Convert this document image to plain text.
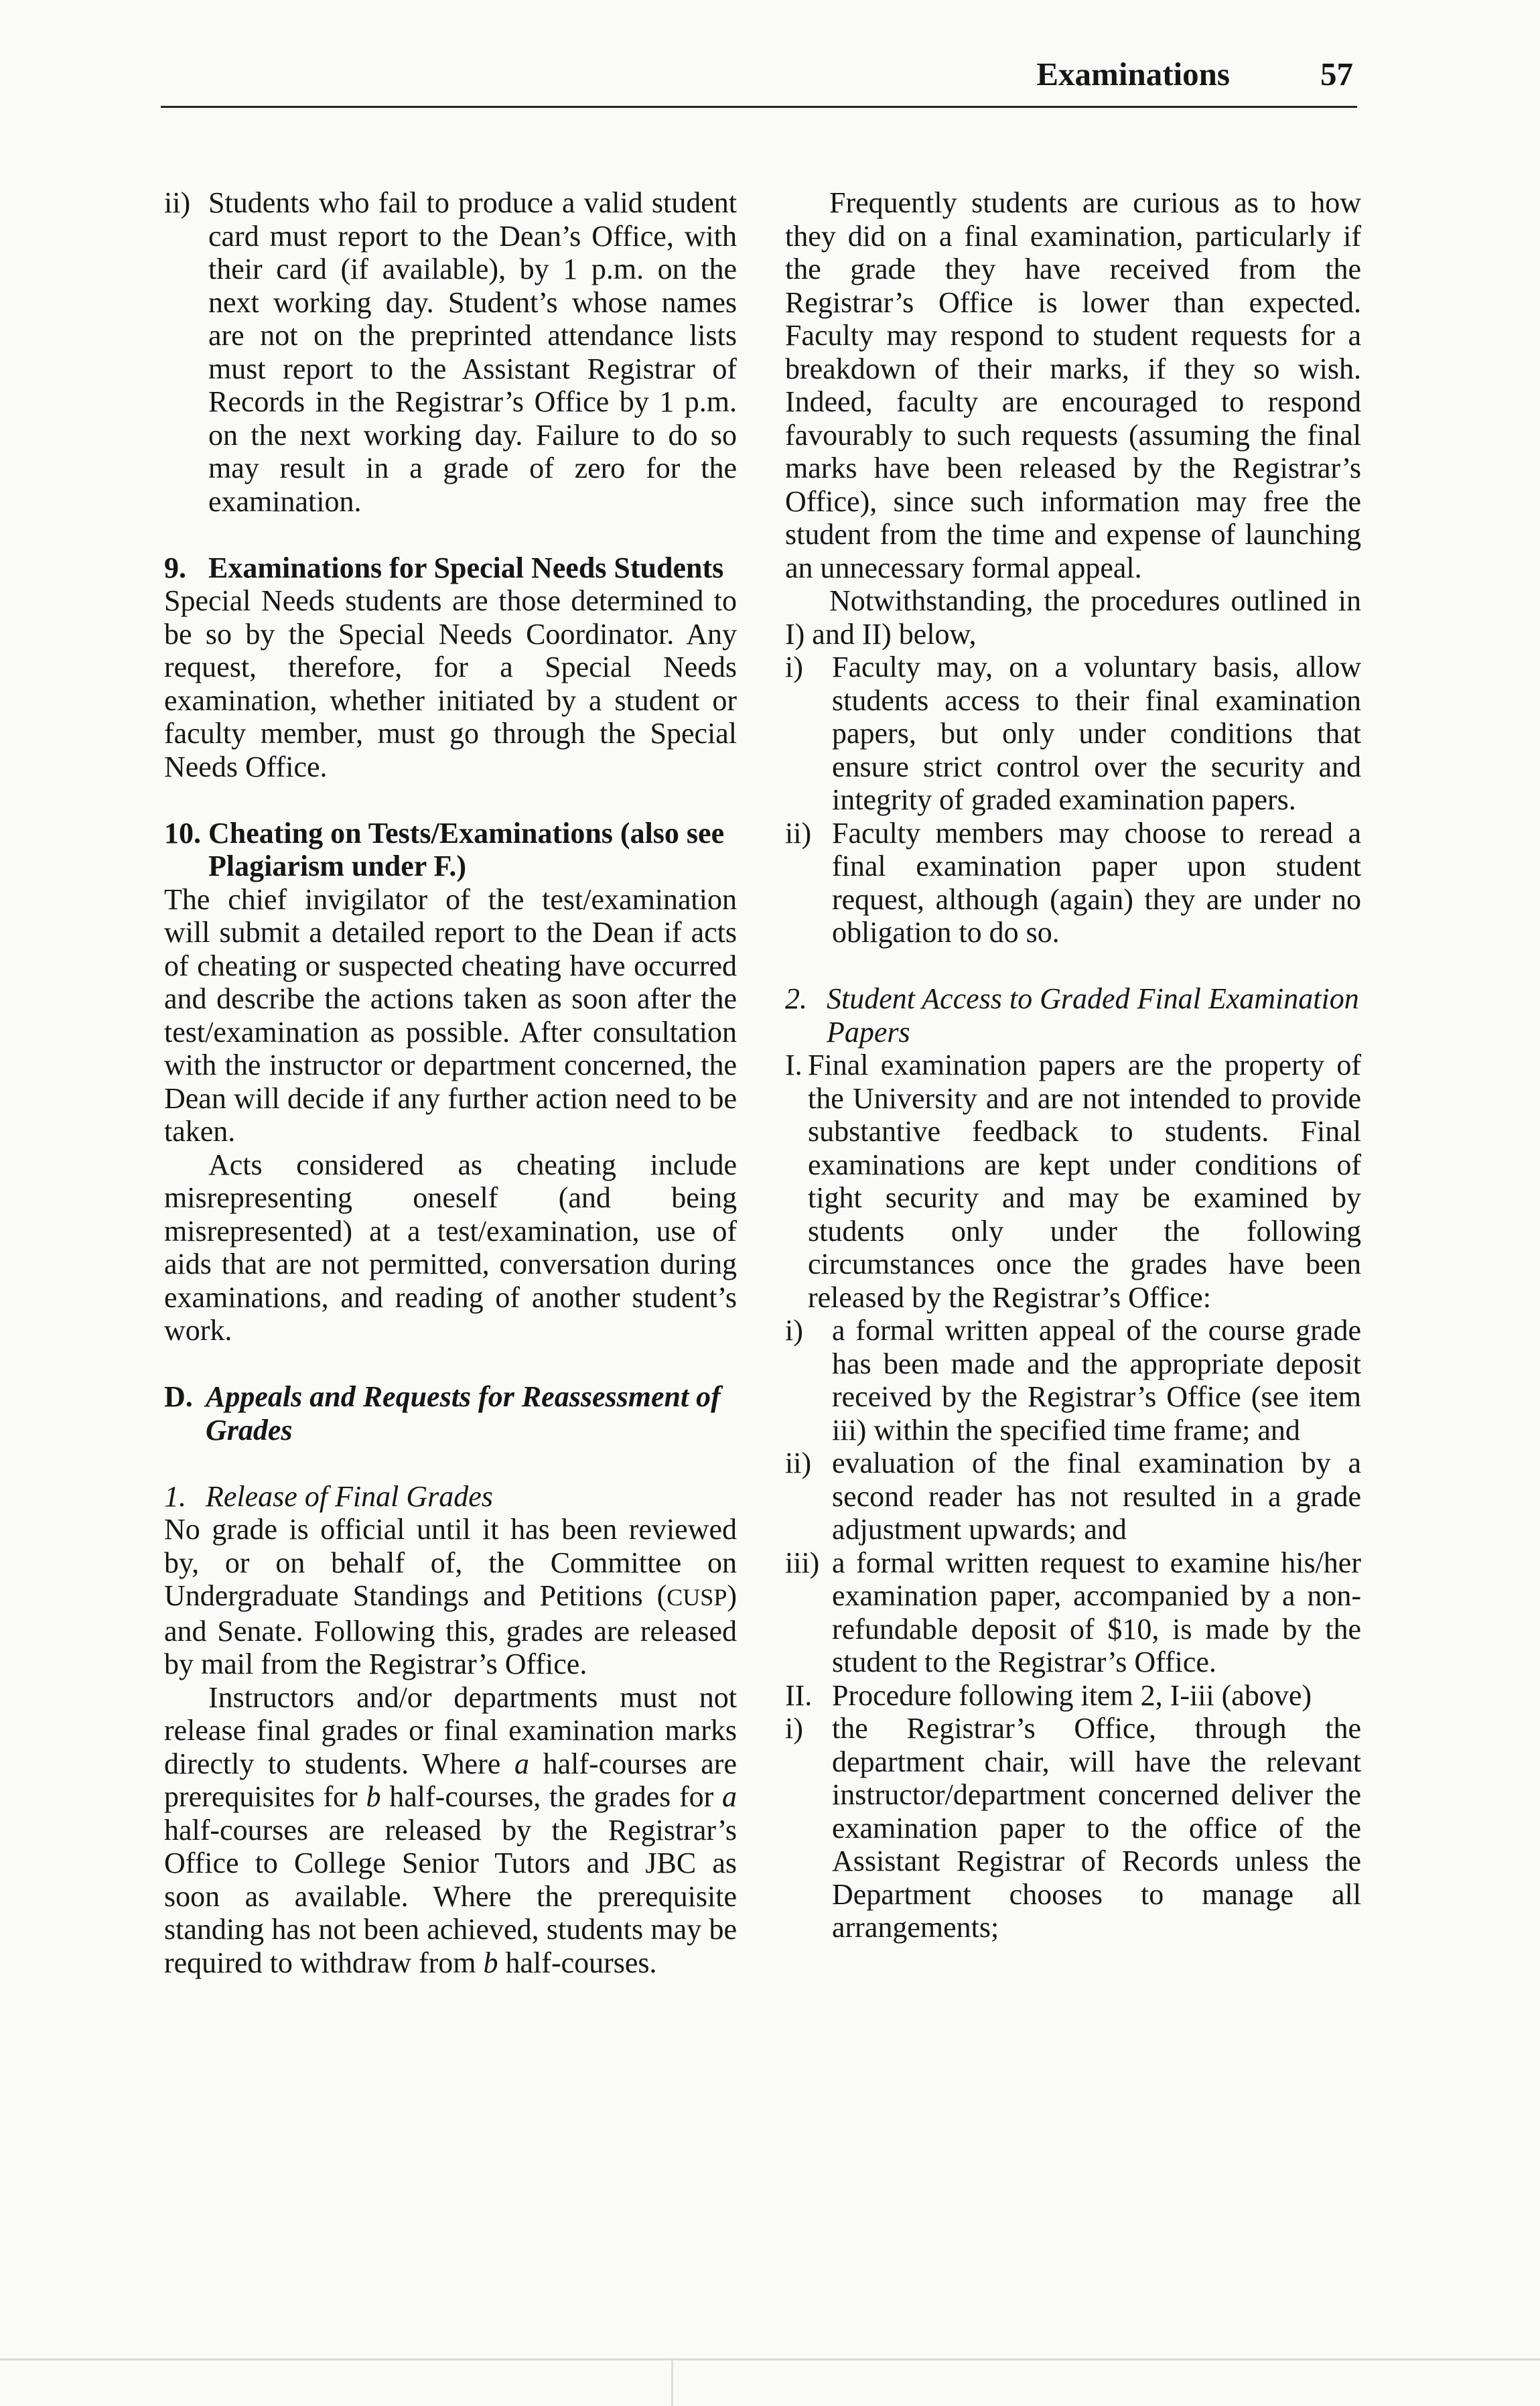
Examinations	57
ii) Students who fail to produce a valid student card must report to the Dean’s Office, with their card (if available), by 1 p.m. on the next working day. Student’s whose names are not on the preprinted attendance lists must report to the Assistant Registrar of Records in the Registrar’s Office by 1 p.m. on the next working day. Failure to do so may result in a grade of zero for the examination.
9. Examinations for Special Needs Students

Special Needs students are those determined to be so by the Special Needs Coordinator. Any request, therefore, for a Special Needs examination, whether initiated by a student or faculty member, must go through the Special Needs Office.

10. Cheating on Tests/Examinations (also see Plagiarism under F.)

The chief invigilator of the test/examination will submit a detailed report to the Dean if acts of cheating or suspected cheating have occurred and describe the actions taken as soon after the test/examination as possible. After consultation with the instructor or department concerned, the Dean will decide if any further action need to be taken.

Acts considered as cheating include misrepresenting oneself (and being misrepresented) at a test/examination, use of aids that are not permitted, conversation during examinations, and reading of another student’s work.

D. Appeals and Requests for Reassessment of Grades
1. Release of Final Grades

No grade is official until it has been reviewed by, or on behalf of, the Committee on Undergraduate Standings and Petitions (CUSP) and Senate. Following this, grades are released by mail from the Registrar’s Office.

Instructors and/or departments must not release final grades or final examination marks directly to students. Where a half-courses are prerequisites for b half-courses, the grades for a half-courses are released by the Registrar’s Office to College Senior Tutors and JBC as soon as available. Where the prerequisite standing has not been achieved, students may be required to withdraw from b half-courses.

Frequently students are curious as to how they did on a final examination, particularly if the grade they have received from the Registrar’s Office is lower than expected. Faculty may respond to student requests for a breakdown of their marks, if they so wish. Indeed, faculty are encouraged to respond favourably to such requests (assuming the final marks have been released by the Registrar’s Office), since such information may free the student from the time and expense of launching an unnecessary formal appeal.

Notwithstanding, the procedures outlined in I) and II) below,

i) Faculty may, on a voluntary basis, allow students access to their final examination papers, but only under conditions that ensure strict control over the security and integrity of graded examination papers.
ii) Faculty members may choose to reread a final examination paper upon student request, although (again) they are under no obligation to do so.
2. Student Access to Graded Final Examination Papers
I. Final examination papers are the property of the University and are not intended to provide substantive feedback to students. Final examinations are kept under conditions of tight security and may be examined by students only under the following circumstances once the grades have been released by the Registrar’s Office:
i) a formal written appeal of the course grade has been made and the appropriate deposit received by the Registrar’s Office (see item iii) within the specified time frame; and
ii) evaluation of the final examination by a second reader has not resulted in a grade adjustment upwards; and
iii) a formal written request to examine his/her examination paper, accompanied by a non-refundable deposit of $10, is made by the student to the Registrar’s Office.
II. Procedure following item 2, I-iii (above)
i) the Registrar’s Office, through the department chair, will have the relevant instructor/department concerned deliver the examination paper to the office of the Assistant Registrar of Records unless the Department chooses to manage all arrangements;
